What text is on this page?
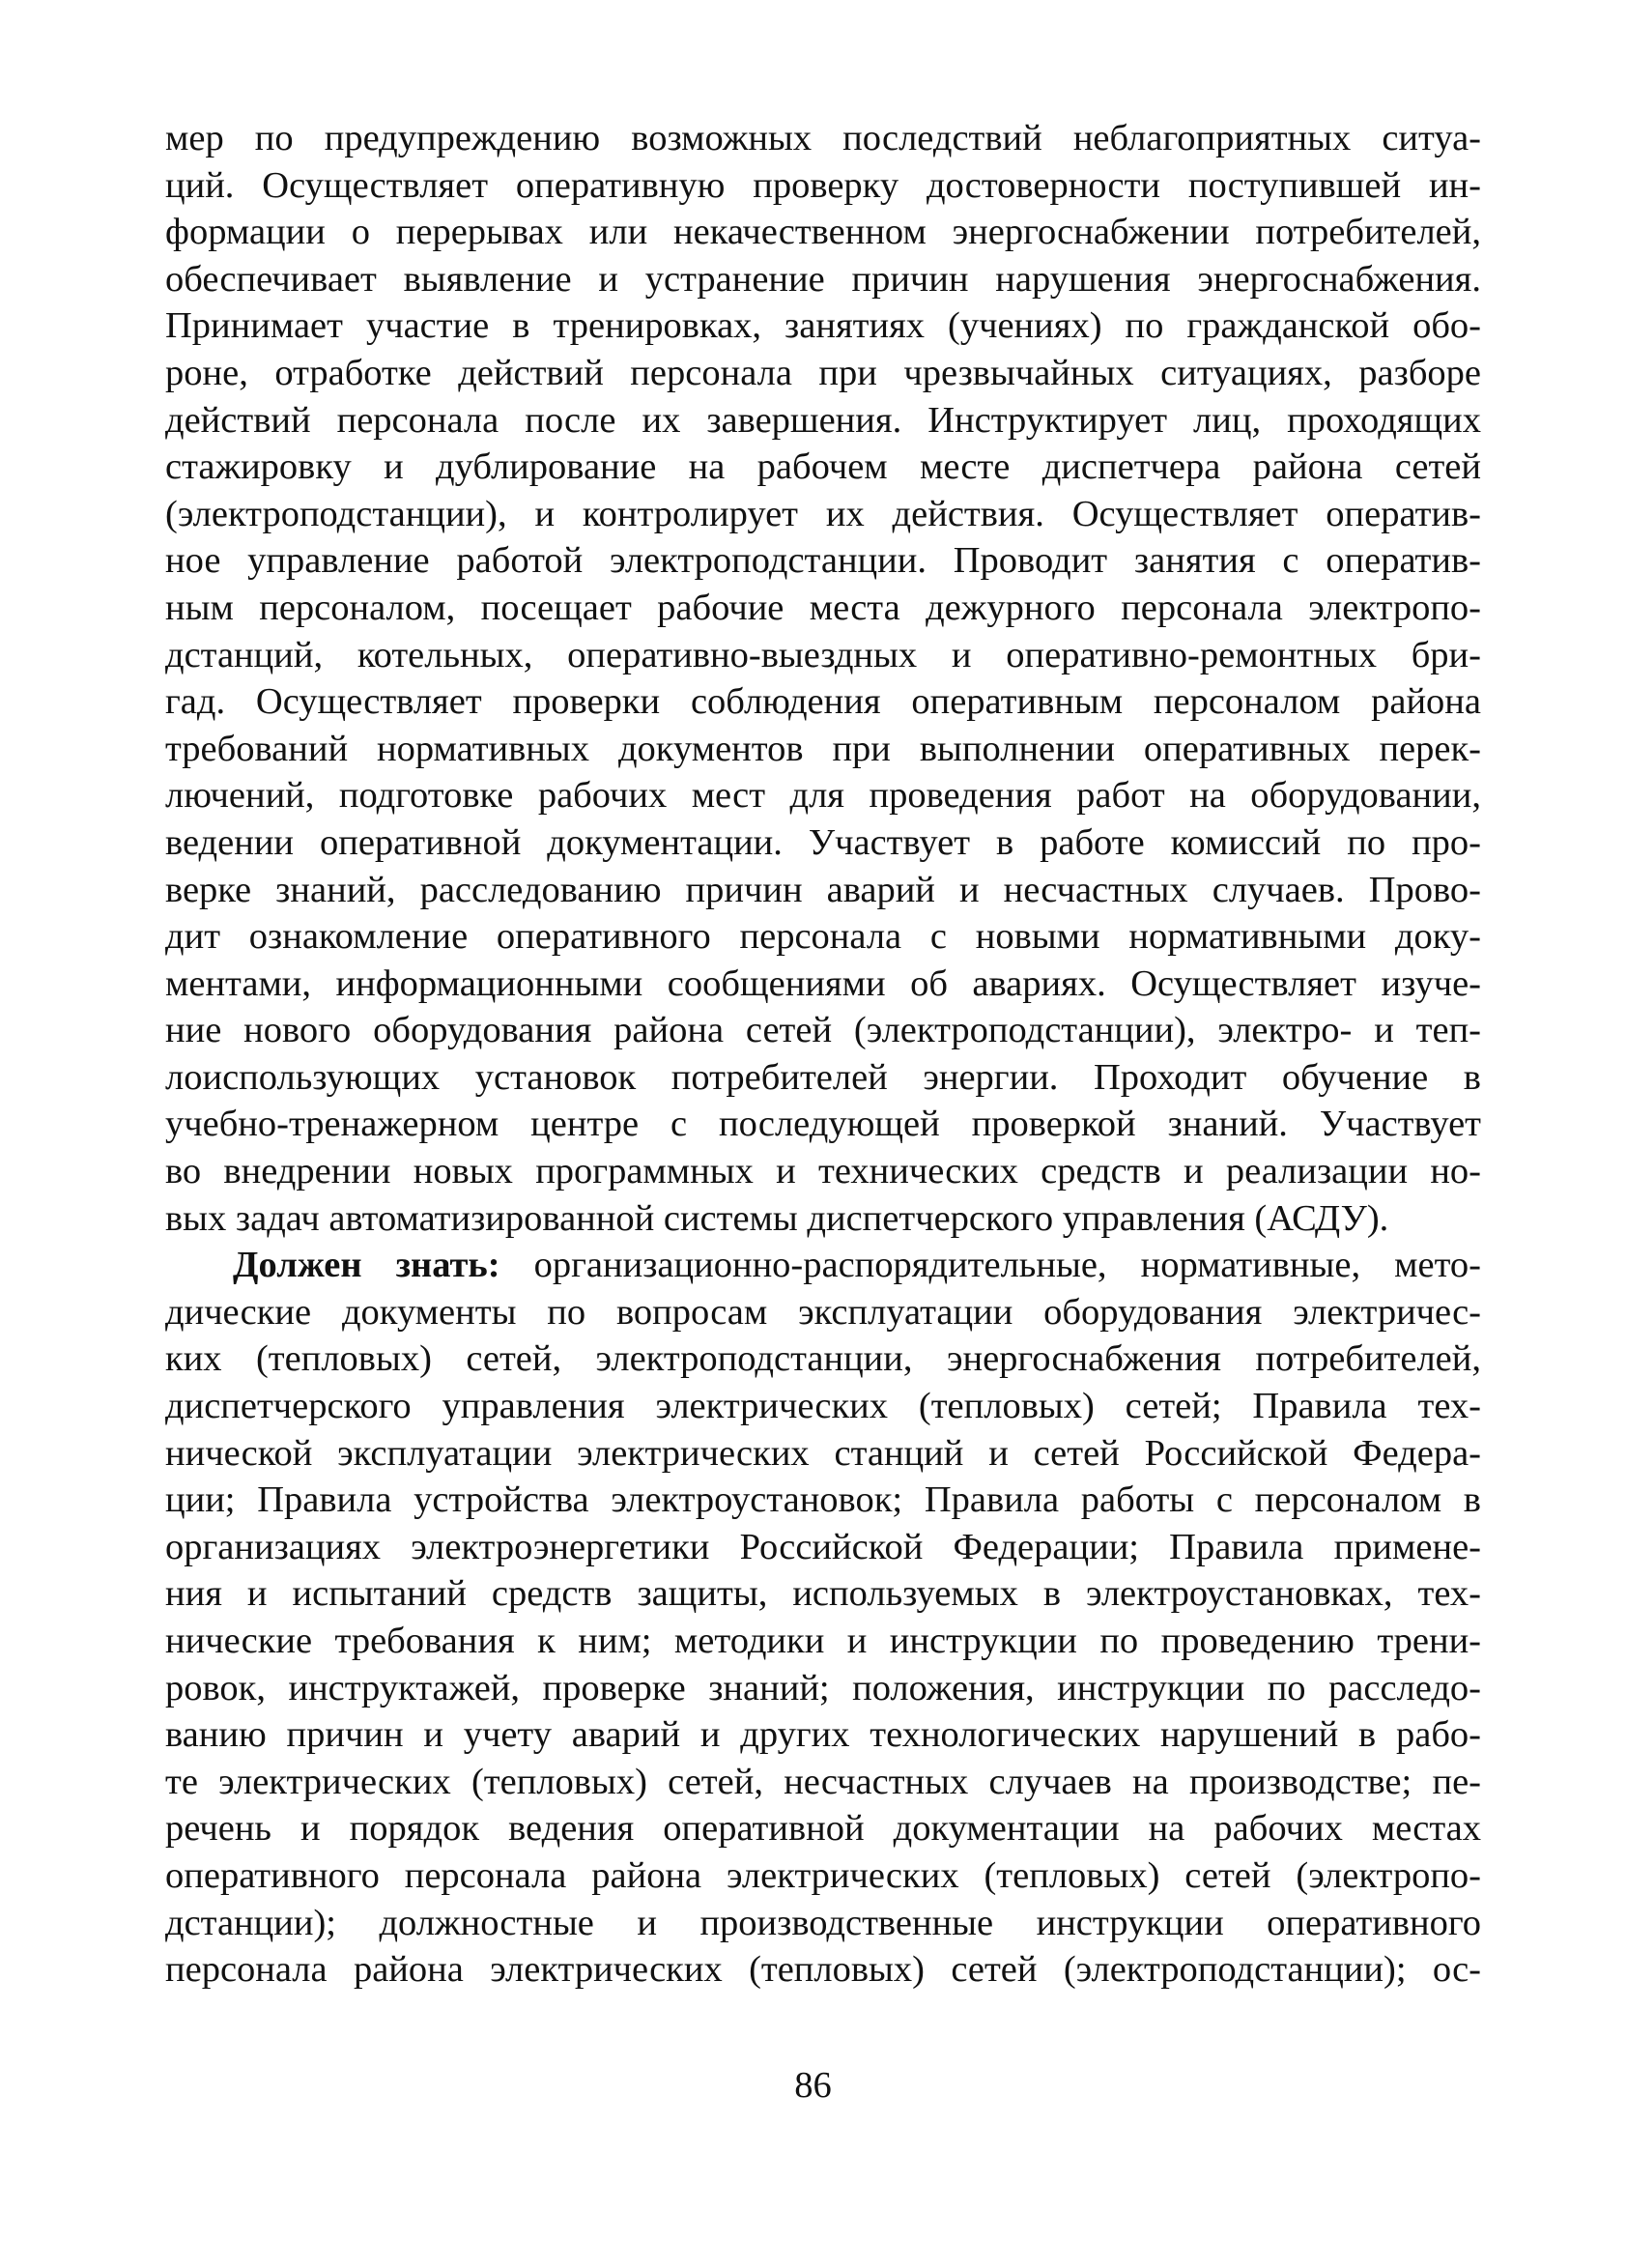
мер по предупреждению возможных последствий неблагоприятных ситуа-
ций. Осуществляет оперативную проверку достоверности поступившей ин-
формации о перерывах или некачественном энергоснабжении потребителей,
обеспечивает выявление и устранение причин нарушения энергоснабжения.
Принимает участие в тренировках, занятиях (учениях) по гражданской обо-
роне, отработке действий персонала при чрезвычайных ситуациях, разборе
действий персонала после их завершения. Инструктирует лиц, проходящих
стажировку и дублирование на рабочем месте диспетчера района сетей
(электроподстанции), и контролирует их действия. Осуществляет оператив-
ное управление работой электроподстанции. Проводит занятия с оператив-
ным персоналом, посещает рабочие места дежурного персонала электропо-
дстанций, котельных, оперативно-выездных и оперативно-ремонтных бри-
гад. Осуществляет проверки соблюдения оперативным персоналом района
требований нормативных документов при выполнении оперативных перек-
лючений, подготовке рабочих мест для проведения работ на оборудовании,
ведении оперативной документации. Участвует в работе комиссий по про-
верке знаний, расследованию причин аварий и несчастных случаев. Прово-
дит ознакомление оперативного персонала с новыми нормативными доку-
ментами, информационными сообщениями об авариях. Осуществляет изуче-
ние нового оборудования района сетей (электроподстанции), электро- и теп-
лоиспользующих установок потребителей энергии. Проходит обучение в
учебно-тренажерном центре с последующей проверкой знаний. Участвует
во внедрении новых программных и технических средств и реализации но-
вых задач автоматизированной системы диспетчерского управления (АСДУ).
Должен знать: организационно-распорядительные, нормативные, мето-
дические документы по вопросам эксплуатации оборудования электричес-
ких (тепловых) сетей, электроподстанции, энергоснабжения потребителей,
диспетчерского управления электрических (тепловых) сетей; Правила тех-
нической эксплуатации электрических станций и сетей Российской Федера-
ции; Правила устройства электроустановок; Правила работы с персоналом в
организациях электроэнергетики Российской Федерации; Правила примене-
ния и испытаний средств защиты, используемых в электроустановках, тех-
нические требования к ним; методики и инструкции по проведению трени-
ровок, инструктажей, проверке знаний; положения, инструкции по расследо-
ванию причин и учету аварий и других технологических нарушений в рабо-
те электрических (тепловых) сетей, несчастных случаев на производстве; пе-
речень и порядок ведения оперативной документации на рабочих местах
оперативного персонала района электрических (тепловых) сетей (электропо-
дстанции); должностные и производственные инструкции оперативного
персонала района электрических (тепловых) сетей (электроподстанции); ос-
86
